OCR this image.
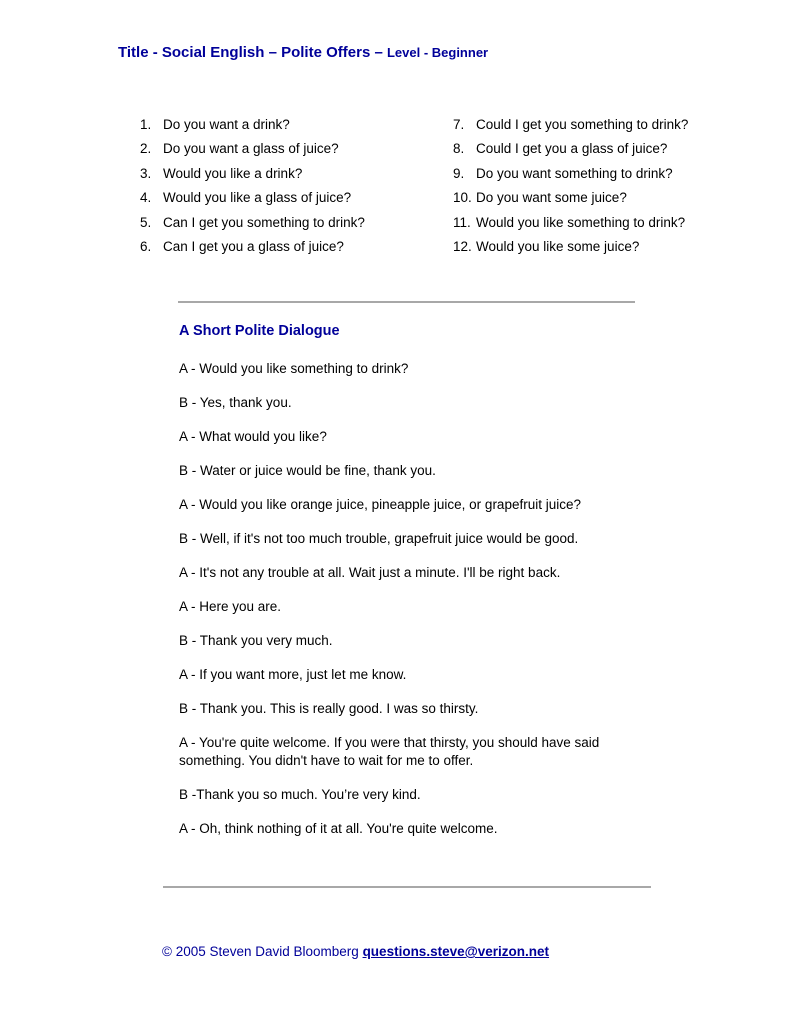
Title - Social English – Polite Offers – Level - Beginner
1. Do you want a drink?
2. Do you want a glass of juice?
3. Would you like a drink?
4. Would you like a glass of juice?
5. Can I get you something to drink?
6. Can I get you a glass of juice?
7. Could I get you something to drink?
8. Could I get you a glass of juice?
9. Do you want something to drink?
10. Do you want some juice?
11. Would you like something to drink?
12. Would you like some juice?
A Short Polite Dialogue

A - Would you like something to drink?

B - Yes, thank you.

A - What would you like?

B - Water or juice would be fine, thank you.

A - Would you like orange juice, pineapple juice, or grapefruit juice?

B - Well, if it's not too much trouble, grapefruit juice would be good.

A - It's not any trouble at all. Wait just a minute. I'll be right back.

A - Here you are.

B - Thank you very much.

A - If you want more, just let me know.

B - Thank you. This is really good. I was so thirsty.

A - You're quite welcome. If you were that thirsty, you should have said something. You didn't have to wait for me to offer.

B -Thank you so much. You’re very kind.

A - Oh, think nothing of it at all. You're quite welcome.

© 2005 Steven David Bloomberg questions.steve@verizon.net
